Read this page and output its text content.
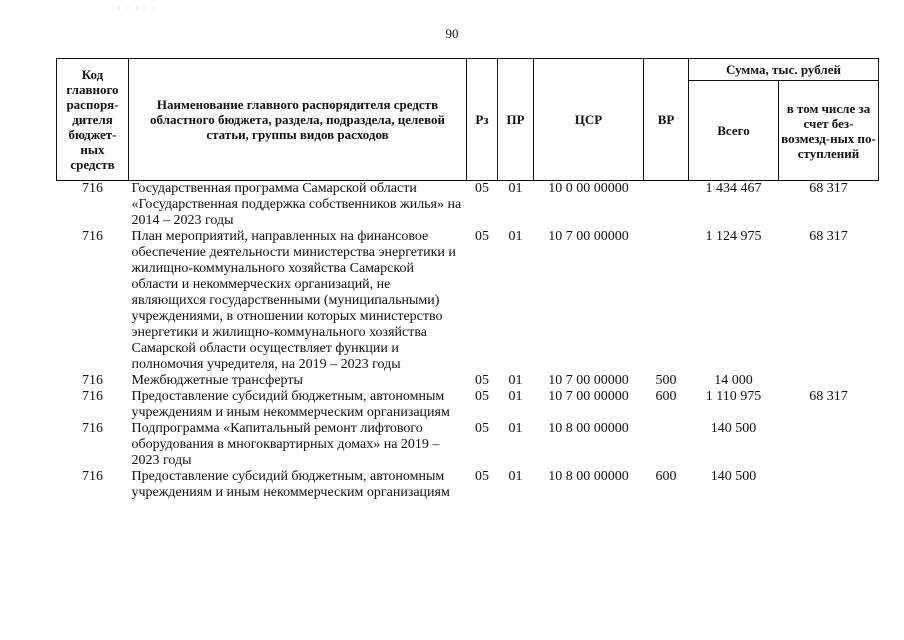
· · · · ·
90
Код главного распоря-дителя бюджет-ных средств	Наименование главного распорядителя средств областного бюджета, раздела, подраздела, целевой статьи, группы видов расходов	Рз	ПР	ЦСР	ВР	Сумма, тыс. рублей	
						Всего	в том числе за счет без-возмезд-ных по-ступлений
716	Государственная программа Самарской области «Государственная поддержка собственников жилья» на 2014 – 2023 годы	05	01	10 0 00 00000		1 434 467	68 317
716	План мероприятий, направленных на финансовое обеспечение деятельности министерства энергетики и жилищно-коммунального хозяйства Самарской области и некоммерческих организаций, не являющихся государственными (муниципальными) учреждениями, в отношении которых министерство энергетики и жилищно-коммунального хозяйства Самарской области осуществляет функции и полномочия учредителя, на 2019 – 2023 годы	05	01	10 7 00 00000		1 124 975	68 317
716	Межбюджетные трансферты	05	01	10 7 00 00000	500	14 000	
716	Предоставление субсидий бюджетным, автономным учреждениям и иным некоммерческим организациям	05	01	10 7 00 00000	600	1 110 975	68 317
716	Подпрограмма «Капитальный ремонт лифтового оборудования в многоквартирных домах» на 2019 – 2023 годы	05	01	10 8 00 00000		140 500	
716	Предоставление субсидий бюджетным, автономным учреждениям и иным некоммерческим организациям	05	01	10 8 00 00000	600	140 500	
